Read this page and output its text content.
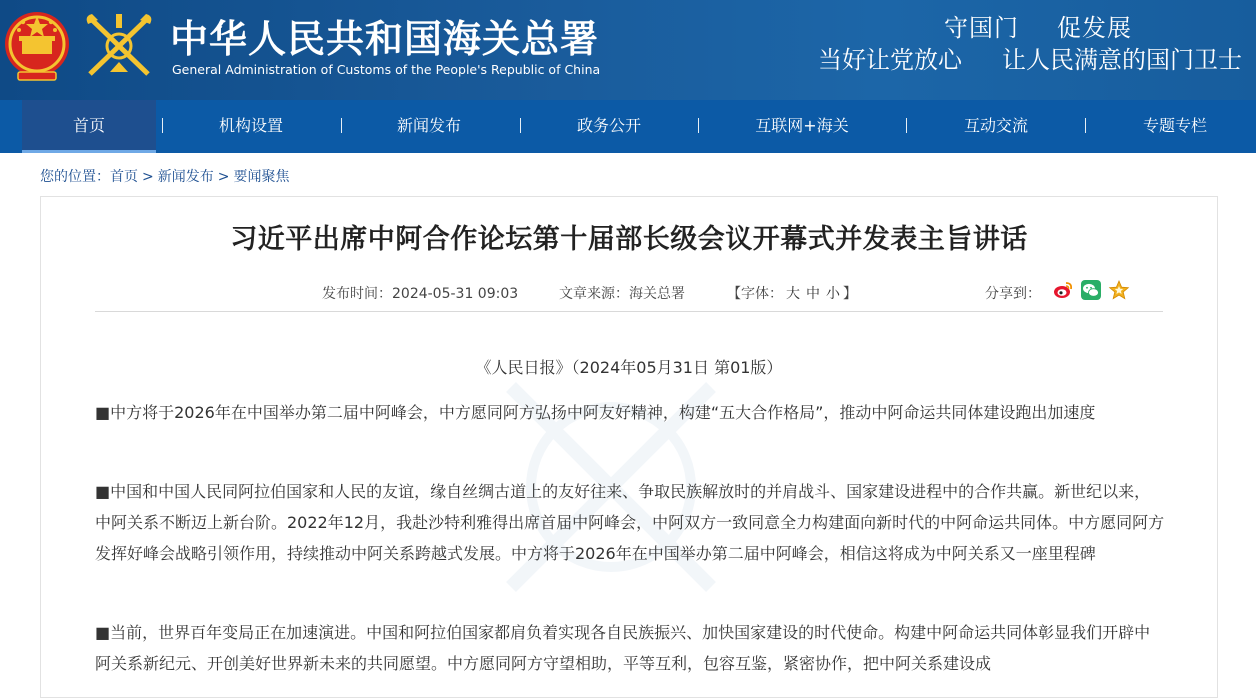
中华人民共和国海关总署
General Administration of Customs of the People's Republic of China
守国门 促发展
当好让党放心 让人民满意的国门卫士
首页	机构设置	新闻发布	政务公开	互联网+海关	互动交流	专题专栏
您的位置：首页 > 新闻发布 > 要闻聚焦
习近平出席中阿合作论坛第十届部长级会议开幕式并发表主旨讲话
发布时间：2024-05-31 09:03	文章来源：海关总署	【字体： 大 中 小 】	分享到：
《人民日报》（2024年05月31日 第01版）

■中方将于2026年在中国举办第二届中阿峰会，中方愿同阿方弘扬中阿友好精神，构建“五大合作格局”，推动中阿命运共同体建设跑出加速度

■中国和中国人民同阿拉伯国家和人民的友谊，缘自丝绸古道上的友好往来、争取民族解放时的并肩战斗、国家建设进程中的合作共赢。新世纪以来，中阿关系不断迈上新台阶。2022年12月，我赴沙特利雅得出席首届中阿峰会，中阿双方一致同意全力构建面向新时代的中阿命运共同体。中方愿同阿方发挥好峰会战略引领作用，持续推动中阿关系跨越式发展。中方将于2026年在中国举办第二届中阿峰会，相信这将成为中阿关系又一座里程碑

■当前，世界百年变局正在加速演进。中国和阿拉伯国家都肩负着实现各自民族振兴、加快国家建设的时代使命。构建中阿命运共同体彰显我们开辟中阿关系新纪元、开创美好世界新未来的共同愿望。中方愿同阿方守望相助，平等互利，包容互鉴，紧密协作，把中阿关系建设成
